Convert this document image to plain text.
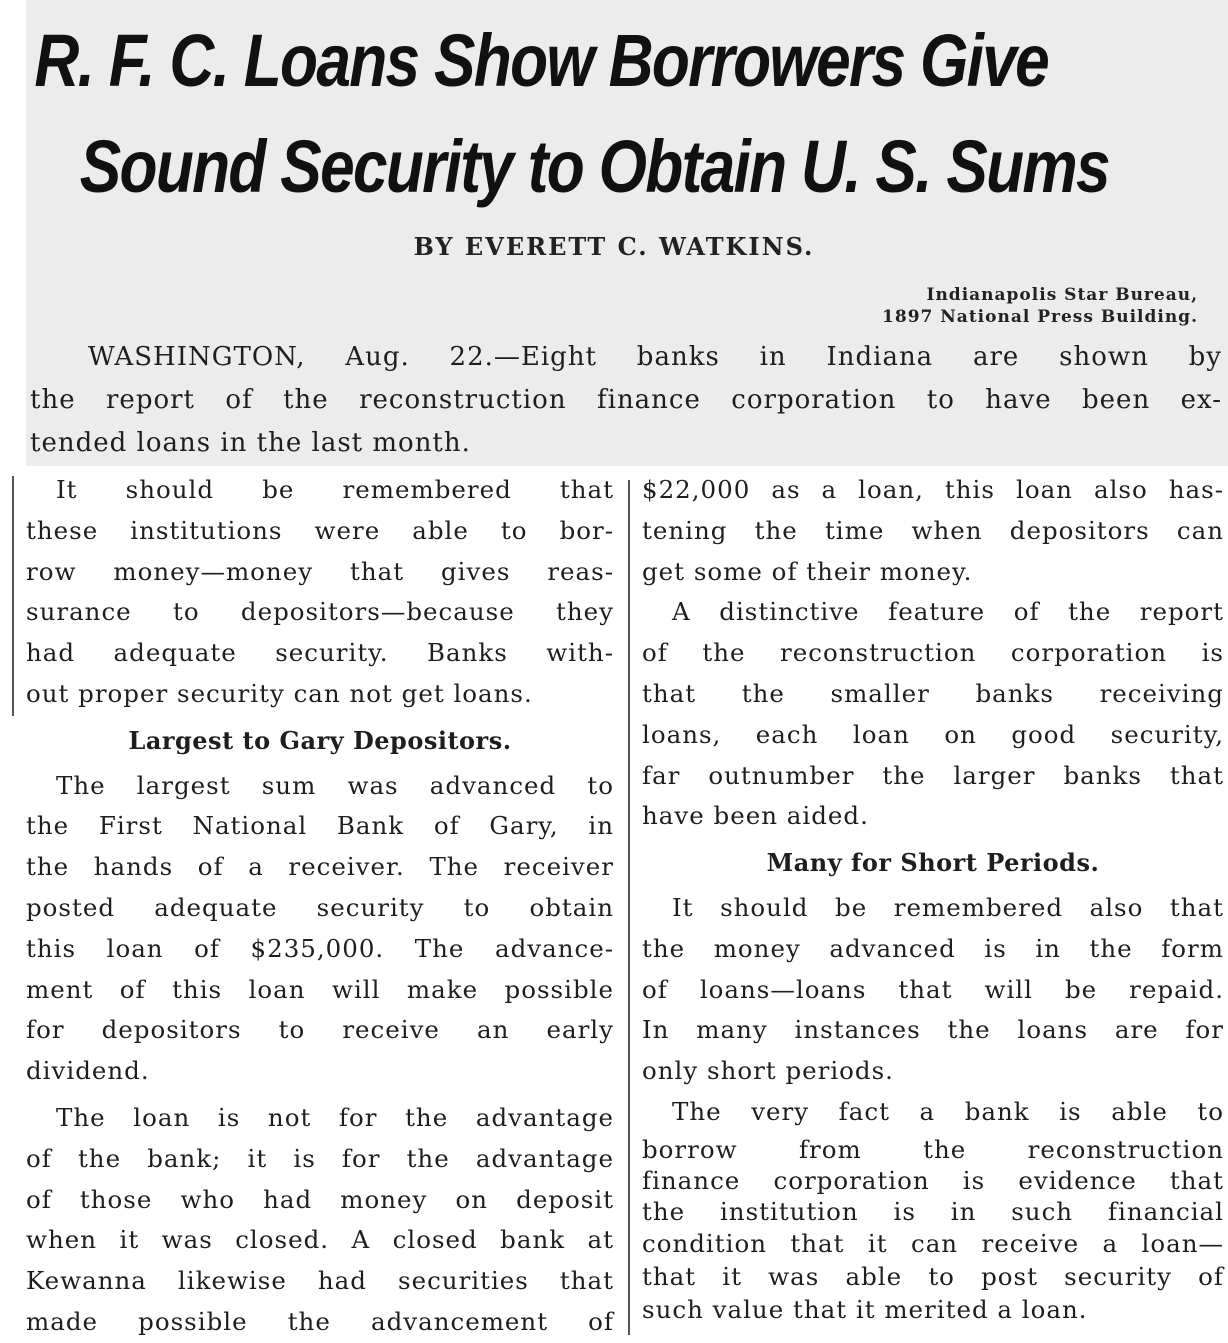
R. F. C. Loans Show Borrowers Give
Sound Security to Obtain U. S. Sums
BY EVERETT C. WATKINS.
Indianapolis Star Bureau,
1897 National Press Building.
WASHINGTON, Aug. 22.—Eight banks in Indiana are shown by
the report of the reconstruction finance corporation to have been ex-
tended loans in the last month.
It should be remembered that
these institutions were able to bor-
row money—money that gives reas-
surance to depositors—because they
had adequate security. Banks with-
out proper security can not get loans.
Largest to Gary Depositors.
The largest sum was advanced to
the First National Bank of Gary, in
the hands of a receiver. The receiver
posted adequate security to obtain
this loan of $235,000. The advance-
ment of this loan will make possible
for depositors to receive an early
dividend.
The loan is not for the advantage
of the bank; it is for the advantage
of those who had money on deposit
when it was closed. A closed bank at
Kewanna likewise had securities that
made possible the advancement of
$22,000 as a loan, this loan also has-
tening the time when depositors can
get some of their money.
A distinctive feature of the report
of the reconstruction corporation is
that the smaller banks receiving
loans, each loan on good security,
far outnumber the larger banks that
have been aided.
Many for Short Periods.
It should be remembered also that
the money advanced is in the form
of loans—loans that will be repaid.
In many instances the loans are for
only short periods.
The very fact a bank is able to
borrow from the reconstruction
finance corporation is evidence that
the institution is in such financial
condition that it can receive a loan—
that it was able to post security of
such value that it merited a loan.
